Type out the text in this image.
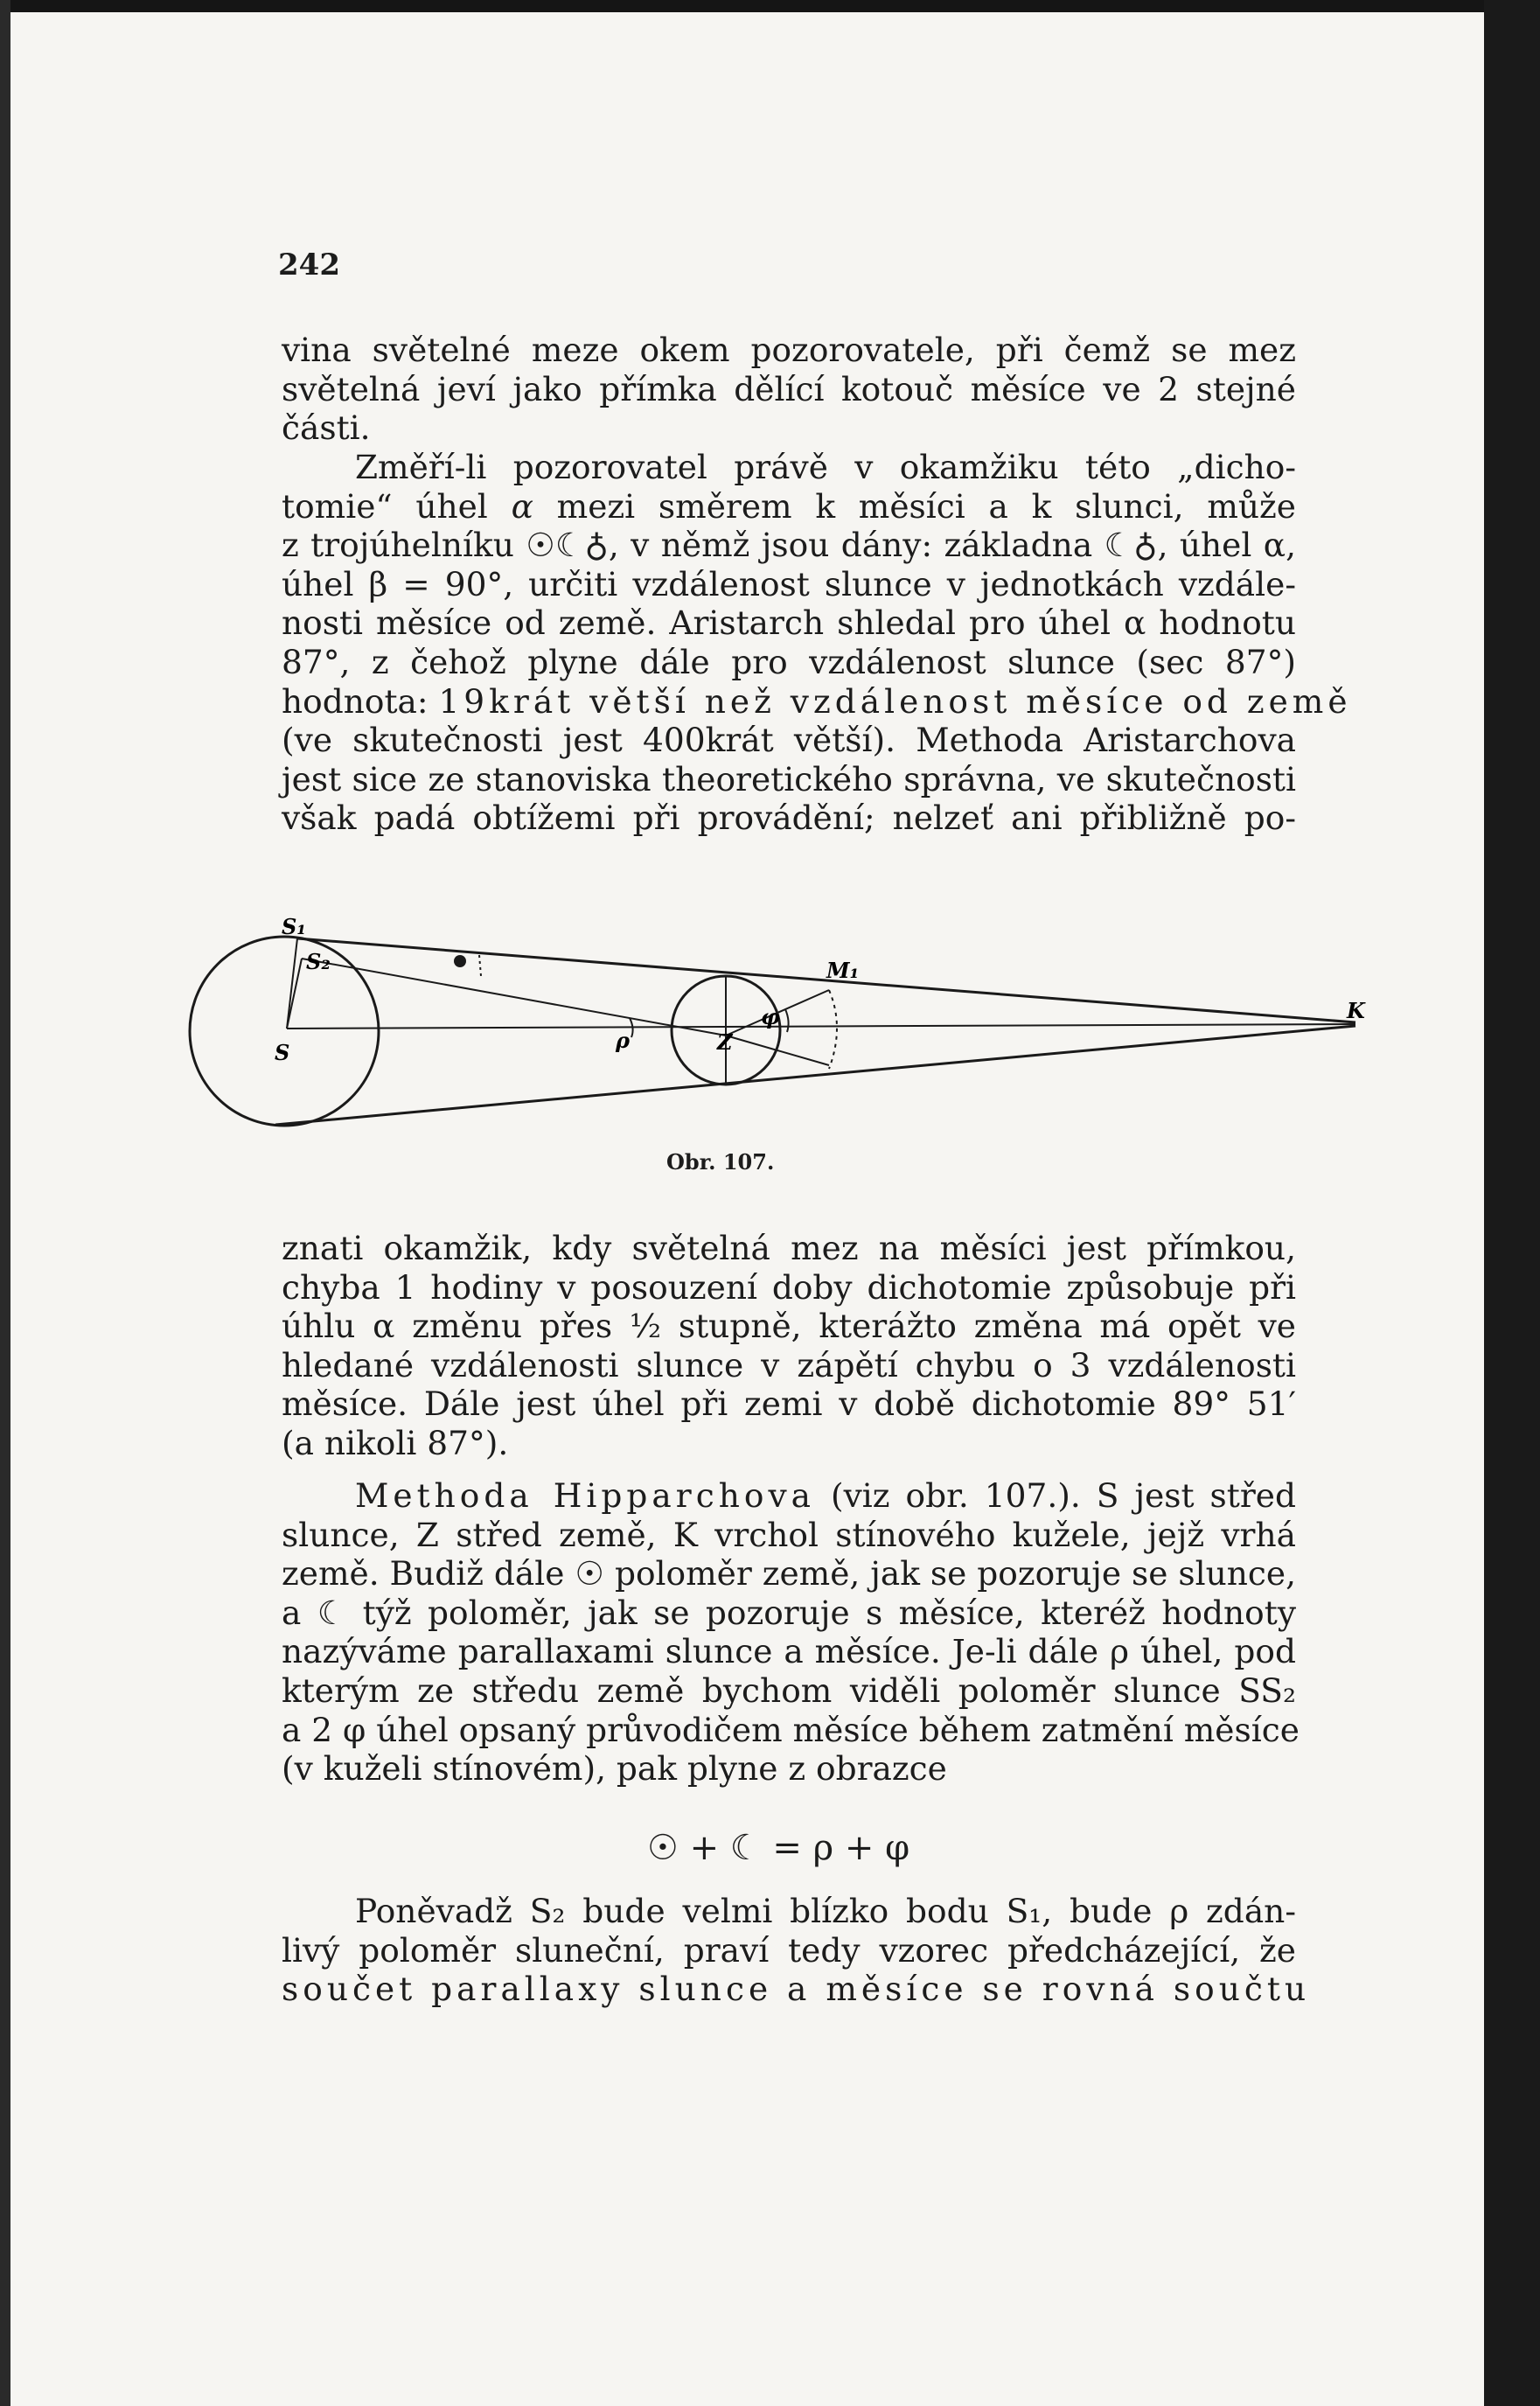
242

vina světelné meze okem pozorovatele, při čemž se mez
světelná jeví jako přímka dělící kotouč měsíce ve 2 stejné
části.

Změří-li pozorovatel právě v okamžiku této „dicho-
tomie“ úhel α mezi směrem k měsíci a k slunci, může
z trojúhelníku ☉☾♁, v němž jsou dány: základna ☾♁, úhel α,
úhel β = 90°, určiti vzdálenost slunce v jednotkách vzdále-
nosti měsíce od země. Aristarch shledal pro úhel α hodnotu
87°, z čehož plyne dále pro vzdálenost slunce (sec 87°)
hodnota: 19krát větší než vzdálenost měsíce od země
(ve skutečnosti jest 400krát větší). Methoda Aristarchova
jest sice ze stanoviska theoretického správna, ve skutečnosti
však padá obtížemi při provádění; nelzeť ani přibližně po-

S₁
S₂
S	Z
K
M₁
ρ
φ
Obr. 107.

znati okamžik, kdy světelná mez na měsíci jest přímkou,
chyba 1 hodiny v posouzení doby dichotomie způsobuje při
úhlu α změnu přes ½ stupně, kterážto změna má opět ve
hledané vzdálenosti slunce v zápětí chybu o 3 vzdálenosti
měsíce. Dále jest úhel při zemi v době dichotomie 89° 51′
(a nikoli 87°).

Methoda Hipparchova (viz obr. 107.). S jest střed
slunce, Z střed země, K vrchol stínového kužele, jejž vrhá
země. Budiž dále ☉ poloměr země, jak se pozoruje se slunce,
a ☾ týž poloměr, jak se pozoruje s měsíce, kteréž hodnoty
nazýváme parallaxami slunce a měsíce. Je-li dále ρ úhel, pod
kterým ze středu země bychom viděli poloměr slunce SS₂
a 2 φ úhel opsaný průvodičem měsíce během zatmění měsíce
(v kuželi stínovém), pak plyne z obrazce

☉ + ☾ = ρ + φ

Poněvadž S₂ bude velmi blízko bodu S₁, bude ρ zdán-
livý poloměr sluneční, praví tedy vzorec předcházející, že
součet parallaxy slunce a měsíce se rovná součtu
